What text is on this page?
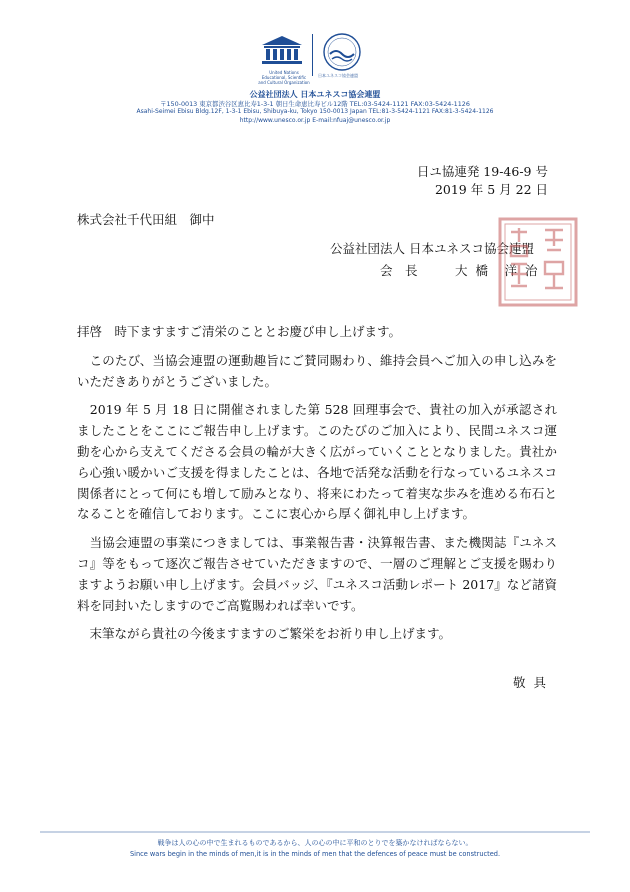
United Nations Educational, Scientific and Cultural Organization
日本ユネスコ協会連盟
公益社団法人 日本ユネスコ協会連盟
〒150-0013 東京都渋谷区恵比寿1-3-1 朝日生命恵比寿ビル12階 TEL:03-5424-1121 FAX:03-5424-1126
Asahi-Seimei Ebisu Bldg.12F, 1-3-1 Ebisu, Shibuya-ku, Tokyo 150-0013 Japan TEL:81-3-5424-1121 FAX:81-3-5424-1126
http://www.unesco.or.jp E-mail:nfuaj@unesco.or.jp
日ユ協連発 19-46-9 号
2019 年 5 月 22 日
株式会社千代田組　御中
公益社団法人 日本ユネスコ協会連盟
会　長	大 橋　洋 治

拝啓　時下ますますご清栄のこととお慶び申し上げます。

　このたび、当協会連盟の運動趣旨にご賛同賜わり、維持会員へご加入の申し込みをいただきありがとうございました。

　2019 年 5 月 18 日に開催されました第 528 回理事会で、貴社の加入が承認されましたことをここにご報告申し上げます。このたびのご加入により、民間ユネスコ運動を心から支えてくださる会員の輪が大きく広がっていくこととなりました。貴社から心強い暖かいご支援を得ましたことは、各地で活発な活動を行なっているユネスコ関係者にとって何にも増して励みとなり、将来にわたって着実な歩みを進める布石となることを確信しております。ここに衷心から厚く御礼申し上げます。

　当協会連盟の事業につきましては、事業報告書・決算報告書、また機関誌『ユネスコ』等をもって逐次ご報告させていただきますので、一層のご理解とご支援を賜わりますようお願い申し上げます。会員バッジ、『ユネスコ活動レポート 2017』など諸資料を同封いたしますのでご高覧賜われば幸いです。

　末筆ながら貴社の今後ますますのご繁栄をお祈り申し上げます。

敬 具
戦争は人の心の中で生まれるものであるから、人の心の中に平和のとりでを築かなければならない。
Since wars begin in the minds of men,it is in the minds of men that the defences of peace must be constructed.
